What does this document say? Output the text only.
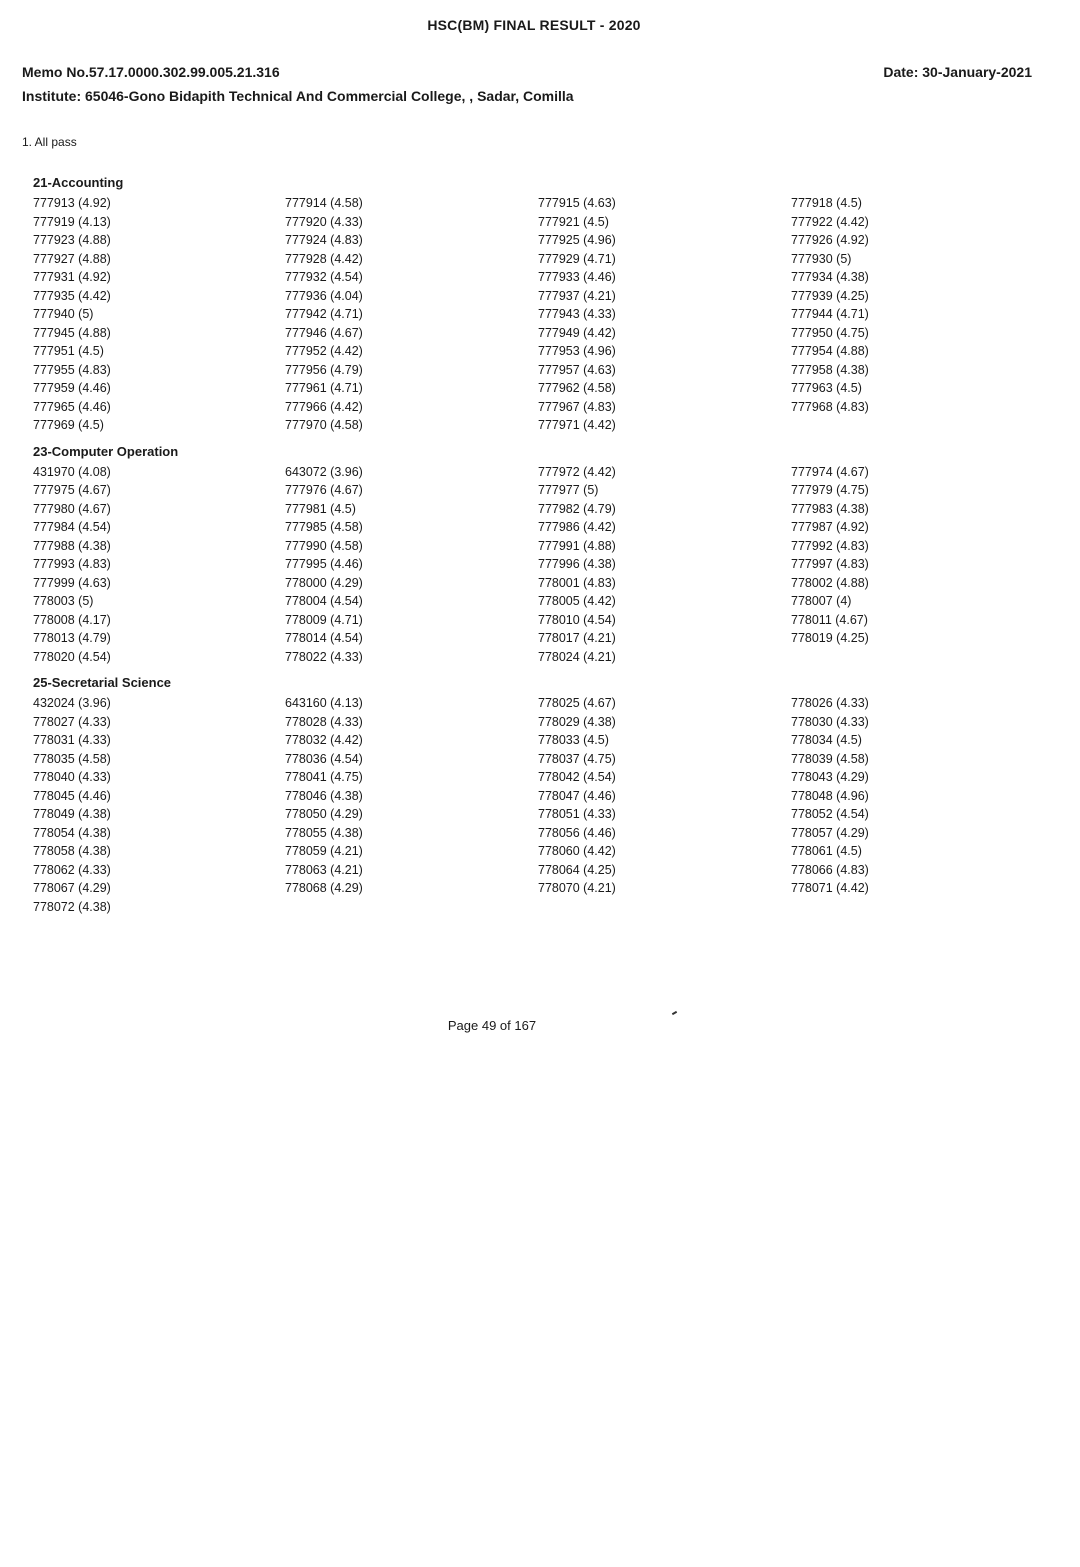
HSC(BM) FINAL RESULT - 2020
Memo No.57.17.0000.302.99.005.21.316	Date: 30-January-2021
Institute: 65046-Gono Bidapith Technical And Commercial College, , Sadar, Comilla
1. All pass
21-Accounting
777913 (4.92)	777914 (4.58)	777915 (4.63)	777918 (4.5)
777919 (4.13)	777920 (4.33)	777921 (4.5)	777922 (4.42)
777923 (4.88)	777924 (4.83)	777925 (4.96)	777926 (4.92)
777927 (4.88)	777928 (4.42)	777929 (4.71)	777930 (5)
777931 (4.92)	777932 (4.54)	777933 (4.46)	777934 (4.38)
777935 (4.42)	777936 (4.04)	777937 (4.21)	777939 (4.25)
777940 (5)	777942 (4.71)	777943 (4.33)	777944 (4.71)
777945 (4.88)	777946 (4.67)	777949 (4.42)	777950 (4.75)
777951 (4.5)	777952 (4.42)	777953 (4.96)	777954 (4.88)
777955 (4.83)	777956 (4.79)	777957 (4.63)	777958 (4.38)
777959 (4.46)	777961 (4.71)	777962 (4.58)	777963 (4.5)
777965 (4.46)	777966 (4.42)	777967 (4.83)	777968 (4.83)
777969 (4.5)	777970 (4.58)	777971 (4.42)
23-Computer Operation
431970 (4.08)	643072 (3.96)	777972 (4.42)	777974 (4.67)
777975 (4.67)	777976 (4.67)	777977 (5)	777979 (4.75)
777980 (4.67)	777981 (4.5)	777982 (4.79)	777983 (4.38)
777984 (4.54)	777985 (4.58)	777986 (4.42)	777987 (4.92)
777988 (4.38)	777990 (4.58)	777991 (4.88)	777992 (4.83)
777993 (4.83)	777995 (4.46)	777996 (4.38)	777997 (4.83)
777999 (4.63)	778000 (4.29)	778001 (4.83)	778002 (4.88)
778003 (5)	778004 (4.54)	778005 (4.42)	778007 (4)
778008 (4.17)	778009 (4.71)	778010 (4.54)	778011 (4.67)
778013 (4.79)	778014 (4.54)	778017 (4.21)	778019 (4.25)
778020 (4.54)	778022 (4.33)	778024 (4.21)
25-Secretarial Science
432024 (3.96)	643160 (4.13)	778025 (4.67)	778026 (4.33)
778027 (4.33)	778028 (4.33)	778029 (4.38)	778030 (4.33)
778031 (4.33)	778032 (4.42)	778033 (4.5)	778034 (4.5)
778035 (4.58)	778036 (4.54)	778037 (4.75)	778039 (4.58)
778040 (4.33)	778041 (4.75)	778042 (4.54)	778043 (4.29)
778045 (4.46)	778046 (4.38)	778047 (4.46)	778048 (4.96)
778049 (4.38)	778050 (4.29)	778051 (4.33)	778052 (4.54)
778054 (4.38)	778055 (4.38)	778056 (4.46)	778057 (4.29)
778058 (4.38)	778059 (4.21)	778060 (4.42)	778061 (4.5)
778062 (4.33)	778063 (4.21)	778064 (4.25)	778066 (4.83)
778067 (4.29)	778068 (4.29)	778070 (4.21)	778071 (4.42)
778072 (4.38)
Page 49 of 167
